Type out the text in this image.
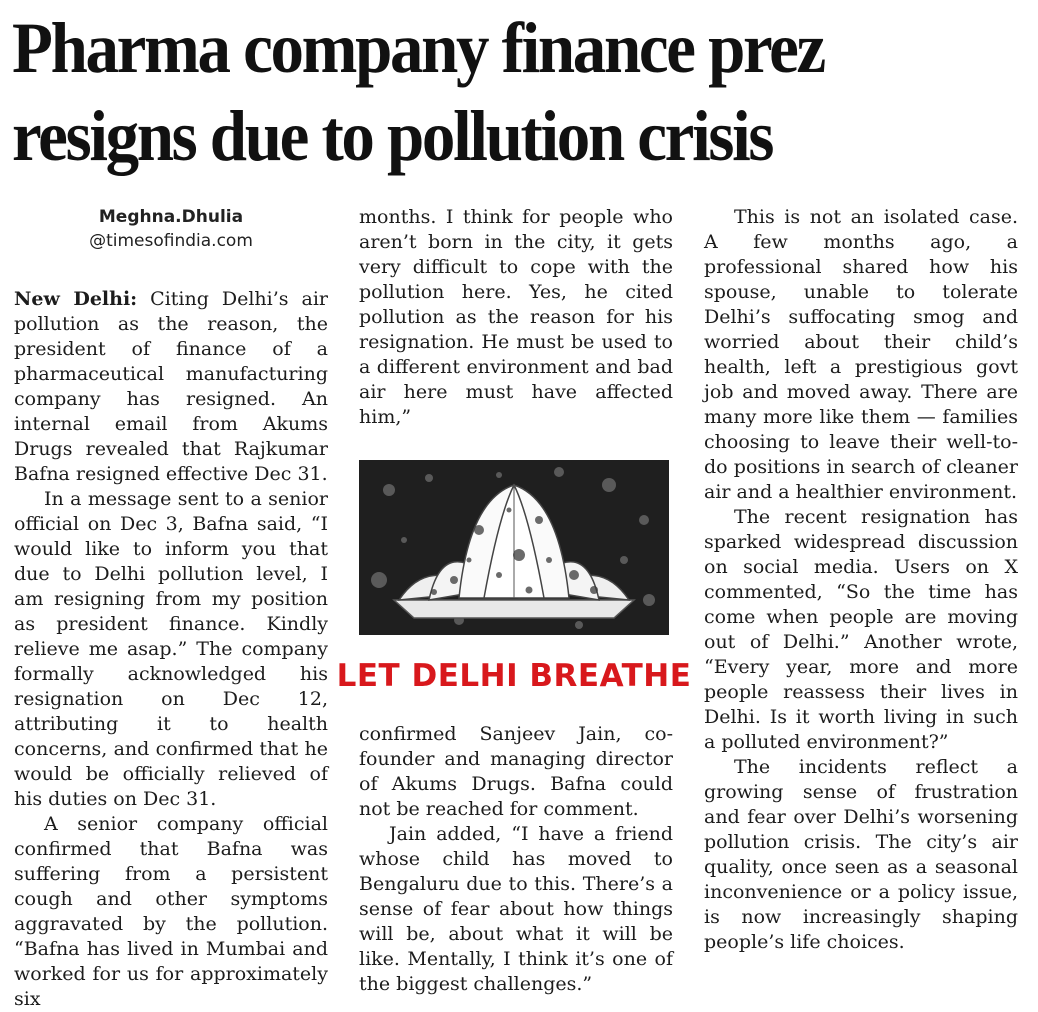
Pharma company finance prez
resigns due to pollution crisis
Meghna.Dhulia
@timesofindia.com

New Delhi: Citing Delhi’s air pollution as the reason, the president of finance of a pharmaceutical manufacturing company has resigned. An internal email from Akums Drugs revealed that Rajkumar Bafna resigned effective Dec 31.

In a message sent to a senior official on Dec 3, Bafna said, “I would like to inform you that due to Delhi pollution level, I am resigning from my position as president finance. Kindly relieve me asap.” The company formally acknowledged his resignation on Dec 12, attributing it to health concerns, and confirmed that he would be officially relieved of his duties on Dec 31.

A senior company official confirmed that Bafna was suffering from a persistent cough and other symptoms aggravated by the pollution. “Bafna has lived in Mumbai and worked for us for approximately six

months. I think for people who aren’t born in the city, it gets very difficult to cope with the pollution here. Yes, he cited pollution as the reason for his resignation. He must be used to a different environment and bad air here must have affected him,”

LET DELHI BREATHE

confirmed Sanjeev Jain, co-founder and managing director of Akums Drugs. Bafna could not be reached for comment.

Jain added, “I have a friend whose child has moved to Bengaluru due to this. There’s a sense of fear about how things will be, about what it will be like. Mentally, I think it’s one of the biggest challenges.”

This is not an isolated case. A few months ago, a professional shared how his spouse, unable to tolerate Delhi’s suffocating smog and worried about their child’s health, left a prestigious govt job and moved away. There are many more like them — families choosing to leave their well-to-do positions in search of cleaner air and a healthier environment.

The recent resignation has sparked widespread discussion on social media. Users on X commented, “So the time has come when people are moving out of Delhi.” Another wrote, “Every year, more and more people reassess their lives in Delhi. Is it worth living in such a polluted environment?”

The incidents reflect a growing sense of frustration and fear over Delhi’s worsening pollution crisis. The city’s air quality, once seen as a seasonal inconvenience or a policy issue, is now increasingly shaping people’s life choices.
